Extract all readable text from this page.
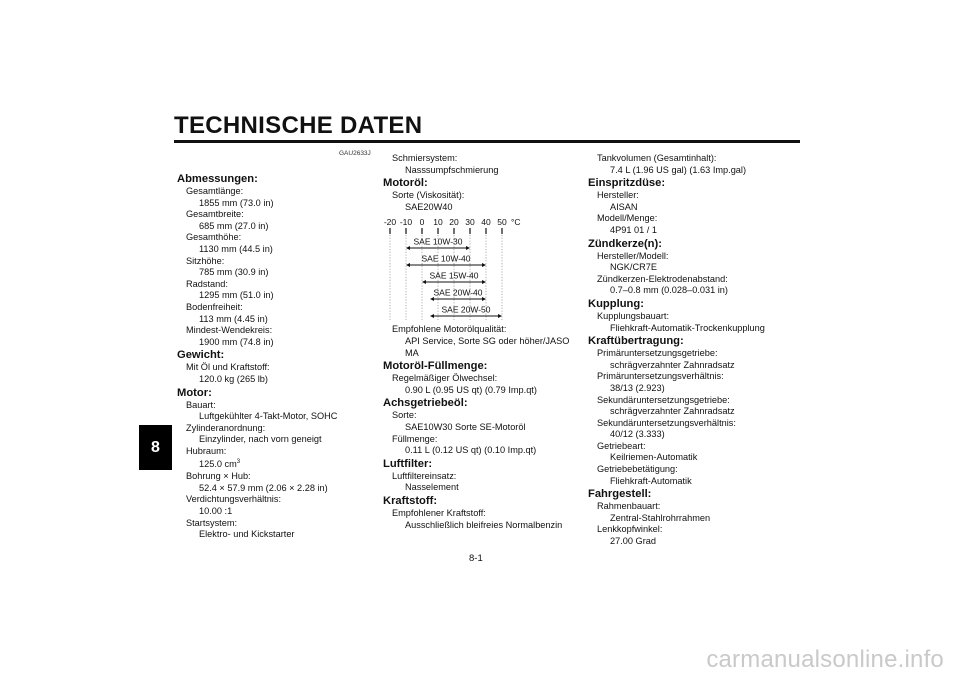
TECHNISCHE DATEN
8
GAU2633J
Abmessungen:
Gesamtlänge:
1855 mm (73.0 in)
Gesamtbreite:
685 mm (27.0 in)
Gesamthöhe:
1130 mm (44.5 in)
Sitzhöhe:
785 mm (30.9 in)
Radstand:
1295 mm (51.0 in)
Bodenfreiheit:
113 mm (4.45 in)
Mindest-Wendekreis:
1900 mm (74.8 in)
Gewicht:
Mit Öl und Kraftstoff:
120.0 kg (265 lb)
Motor:
Bauart:
Luftgekühlter 4-Takt-Motor, SOHC
Zylinderanordnung:
Einzylinder, nach vorn geneigt
Hubraum:
125.0 $cm^3$
Bohrung × Hub:
52.4 × 57.9 mm (2.06 × 2.28 in)
Verdichtungsverhältnis:
10.00 :1
Startsystem:
Elektro- und Kickstarter
Schmiersystem:
Nasssumpfschmierung
Motoröl:
Sorte (Viskosität):
SAE20W40
-20 -10 0 10 20 30 40 50 °C
SAE 10W-30
SAE 10W-40
SAE 15W-40
SAE 20W-40
SAE 20W-50
Empfohlene Motorölqualität:
API Service, Sorte SG oder höher/JASO
MA
Motoröl-Füllmenge:
Regelmäßiger Ölwechsel:
0.90 L (0.95 US qt) (0.79 Imp.qt)
Achsgetriebeöl:
Sorte:
SAE10W30 Sorte SE-Motoröl
Füllmenge:
0.11 L (0.12 US qt) (0.10 Imp.qt)
Luftfilter:
Luftfiltereinsatz:
Nasselement
Kraftstoff:
Empfohlener Kraftstoff:
Ausschließlich bleifreies Normalbenzin
Tankvolumen (Gesamtinhalt):
7.4 L (1.96 US gal) (1.63 Imp.gal)
Einspritzdüse:
Hersteller:
AISAN
Modell/Menge:
4P91 01 / 1
Zündkerze(n):
Hersteller/Modell:
NGK/CR7E
Zündkerzen-Elektrodenabstand:
0.7–0.8 mm (0.028–0.031 in)
Kupplung:
Kupplungsbauart:
Fliehkraft-Automatik-Trockenkupplung
Kraftübertragung:
Primäruntersetzungsgetriebe:
schrägverzahnter Zahnradsatz
Primäruntersetzungsverhältnis:
38/13 (2.923)
Sekundäruntersetzungsgetriebe:
schrägverzahnter Zahnradsatz
Sekundäruntersetzungsverhältnis:
40/12 (3.333)
Getriebeart:
Keilriemen-Automatik
Getriebebetätigung:
Fliehkraft-Automatik
Fahrgestell:
Rahmenbauart:
Zentral-Stahlrohrrahmen
Lenkkopfwinkel:
27.00 Grad
8-1
carmanualsonline.info
